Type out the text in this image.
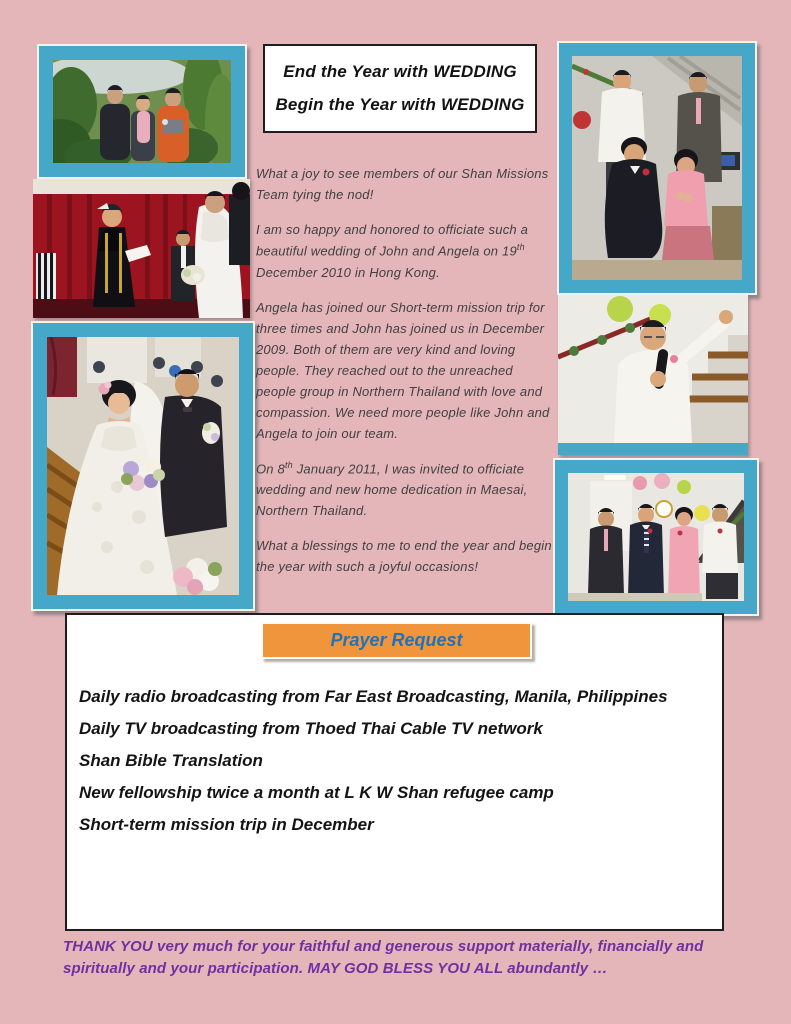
End the Year with WEDDING
Begin the Year with WEDDING

What a joy to see members of our Shan Missions Team tying the nod!

I am so happy and honored to officiate such a beautiful wedding of John and Angela on 19th December 2010 in Hong Kong.

Angela has joined our Short-term mission trip for three times and John has joined us in December 2009. Both of them are very kind and loving people. They reached out to the unreached people group in Northern Thailand with love and compassion. We need more people like John and Angela to join our team.

On 8th January 2011, I was invited to officiate wedding and new home dedication in Maesai, Northern Thailand.

What a blessings to me to end the year and begin the year with such a joyful occasions!

Prayer Request
Daily radio broadcasting from Far East Broadcasting, Manila, Philippines
Daily TV broadcasting from Thoed Thai Cable TV network
Shan Bible Translation
New fellowship twice a month at L K W Shan refugee camp
Short-term mission trip in December
THANK YOU very much for your faithful and generous support materially, financially and spiritually and your participation. MAY GOD BLESS YOU ALL abundantly …
